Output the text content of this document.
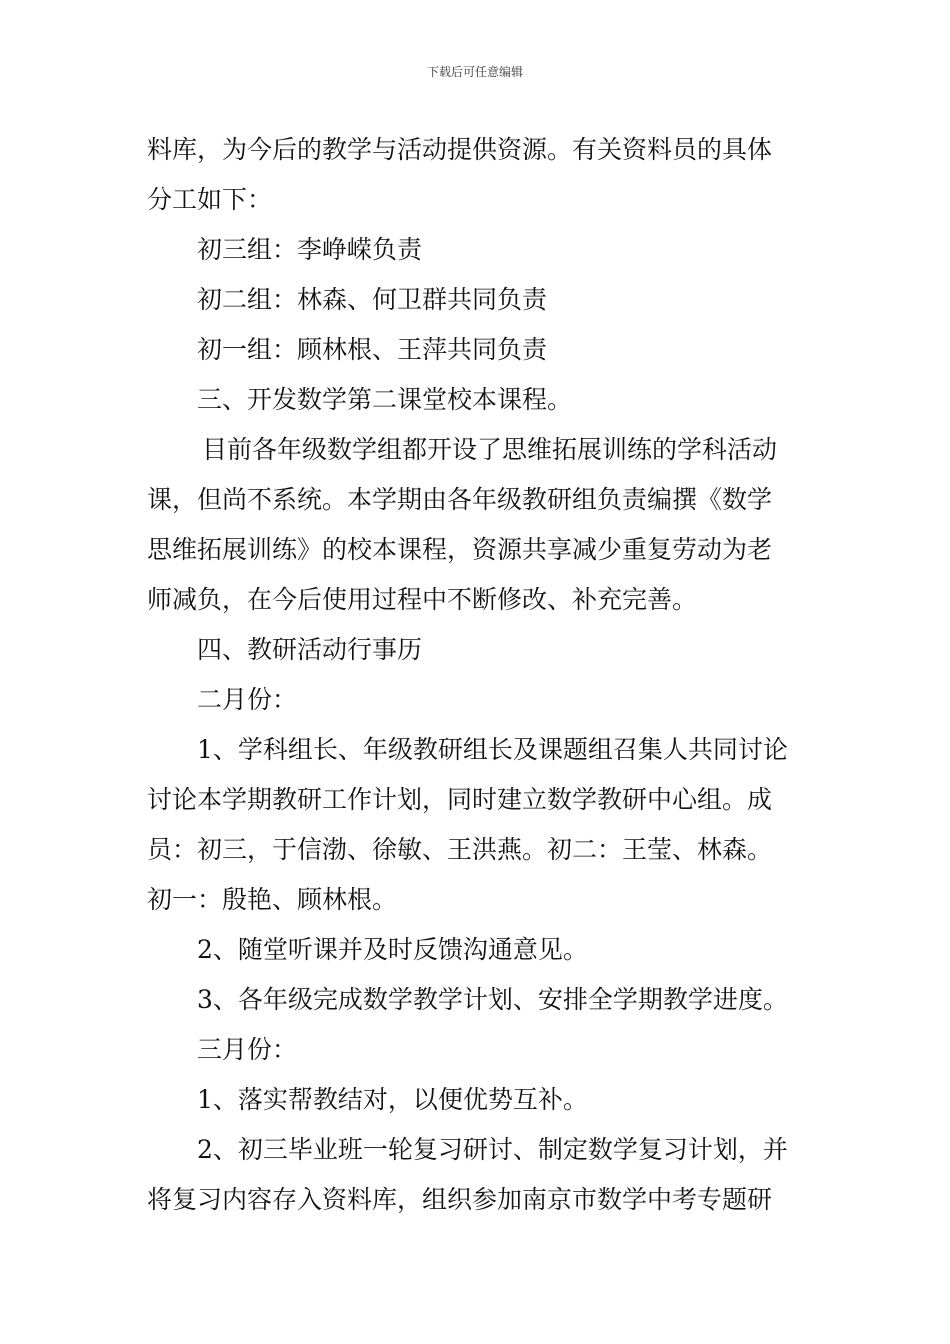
下载后可任意编辑
料库，为今后的教学与活动提供资源。有关资料员的具体
分工如下：
初三组：李峥嵘负责
初二组：林森、何卫群共同负责
初一组：顾林根、王萍共同负责
三、开发数学第二课堂校本课程。
目前各年级数学组都开设了思维拓展训练的学科活动
课，但尚不系统。本学期由各年级教研组负责编撰《数学
思维拓展训练》的校本课程，资源共享减少重复劳动为老
师减负，在今后使用过程中不断修改、补充完善。
四、教研活动行事历
二月份：
1、学科组长、年级教研组长及课题组召集人共同讨论
讨论本学期教研工作计划，同时建立数学教研中心组。成
员：初三，于信渤、徐敏、王洪燕。初二：王莹、林森。
初一：殷艳、顾林根。
2、随堂听课并及时反馈沟通意见。
3、各年级完成数学教学计划、安排全学期教学进度。
三月份：
1、落实帮教结对，以便优势互补。
2、初三毕业班一轮复习研讨、制定数学复习计划，并
将复习内容存入资料库，组织参加南京市数学中考专题研
